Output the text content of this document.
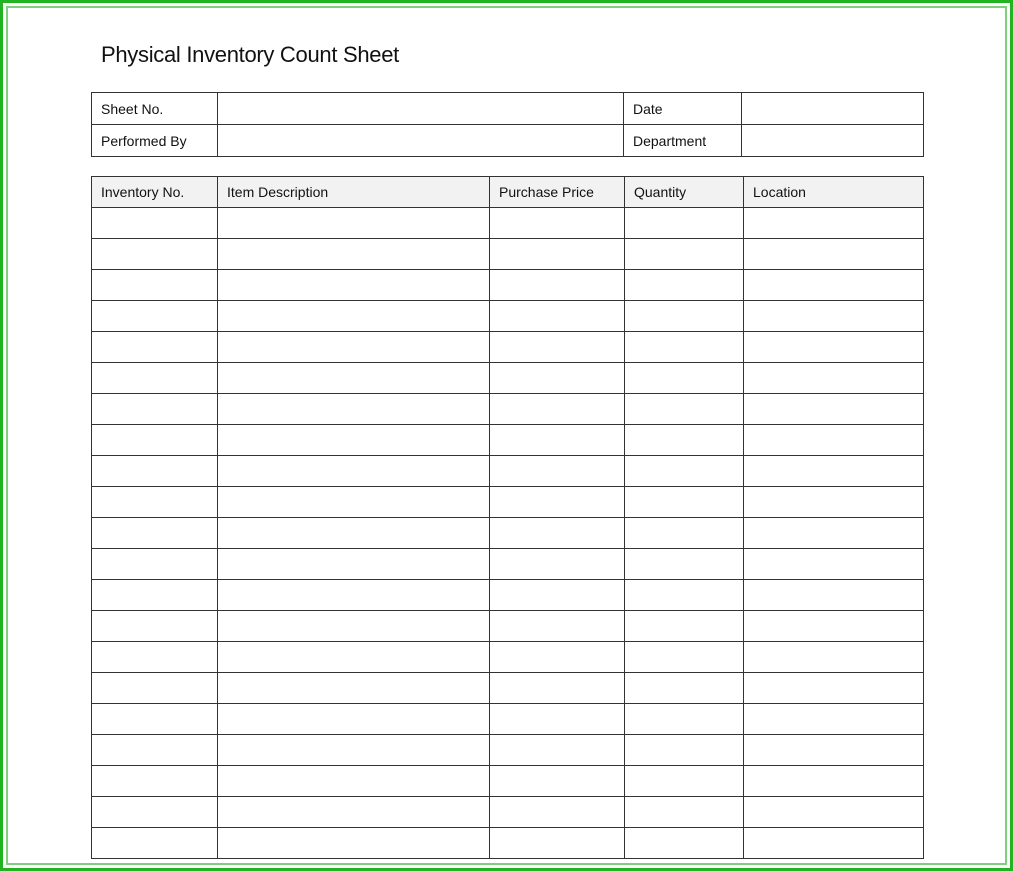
Physical Inventory Count Sheet
Sheet No.		Date	
Performed By		Department	
Inventory No.	Item Description	Purchase Price	Quantity	Location
